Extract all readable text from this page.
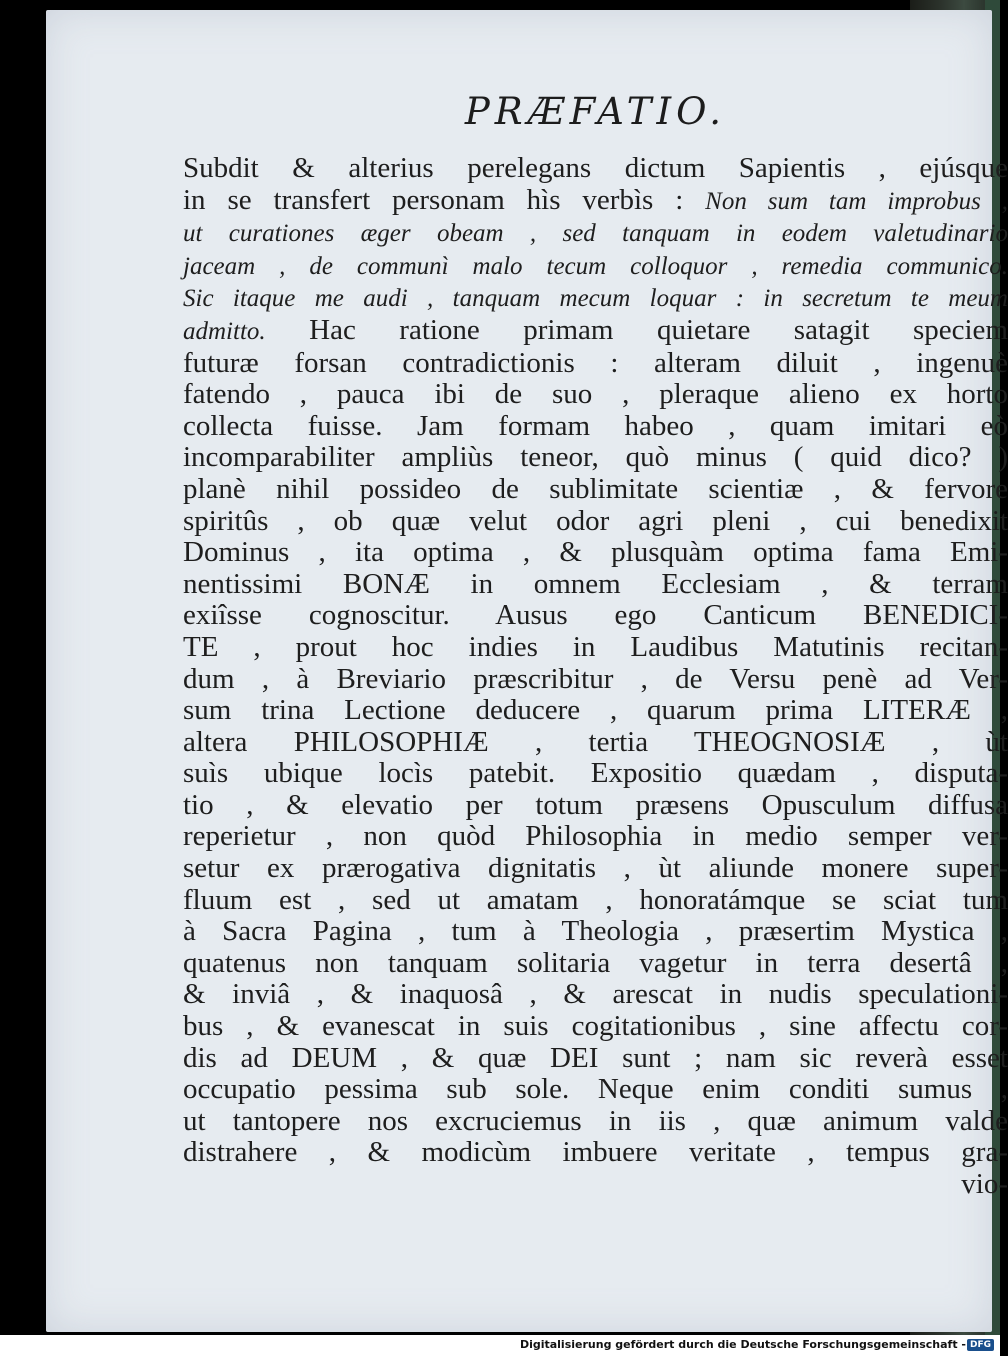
PRÆFATIO.
Subdit & alterius perelegans dictum Sapientis , ejúsque
in se transfert personam hìs verbìs : Non sum tam improbus ,
ut curationes æger obeam , sed tanquam in eodem valetudinario
jaceam , de communì malo tecum colloquor , remedia communico.
Sic itaque me audi , tanquam mecum loquar : in secretum te meum
admitto. Hac ratione primam quietare satagit speciem
futuræ forsan contradictionis : alteram diluit , ingenuè
fatendo , pauca ibi de suo , pleraque alieno ex horto
collecta fuisse. Jam formam habeo , quam imitari eò
incomparabiliter ampliùs teneor, quò minus ( quid dico? )
planè nihil possideo de sublimitate scientiæ , & fervore
spiritûs , ob quæ velut odor agri pleni , cui benedixit
Dominus , ita optima , & plusquàm optima fama Emi-
nentissimi BONÆ in omnem Ecclesiam , & terram
exiîsse cognoscitur. Ausus ego Canticum BENEDICI-
TE , prout hoc indies in Laudibus Matutinis recitan-
dum , à Breviario præscribitur , de Versu penè ad Ver-
sum trina Lectione deducere , quarum prima LITERÆ ,
altera PHILOSOPHIÆ , tertia THEOGNOSIÆ , ùt
suìs ubique locìs patebit. Expositio quædam , disputa-
tio , & elevatio per totum præsens Opusculum diffusa
reperietur , non quòd Philosophia in medio semper ver-
setur ex prærogativa dignitatis , ùt aliunde monere super-
fluum est , sed ut amatam , honoratámque se sciat tum
à Sacra Pagina , tum à Theologia , præsertim Mystica ,
quatenus non tanquam solitaria vagetur in terra desertâ ,
& inviâ , & inaquosâ , & arescat in nudis speculationi-
bus , & evanescat in suis cogitationibus , sine affectu cor-
dis ad DEUM , & quæ DEI sunt ; nam sic reverà esset
occupatio pessima sub sole. Neque enim conditi sumus ,
ut tantopere nos excruciemus in iis , quæ animum valde
distrahere , & modicùm imbuere veritate , tempus gra-
vio-
Digitalisierung gefördert durch die Deutsche Forschungsgemeinschaft - DFG
